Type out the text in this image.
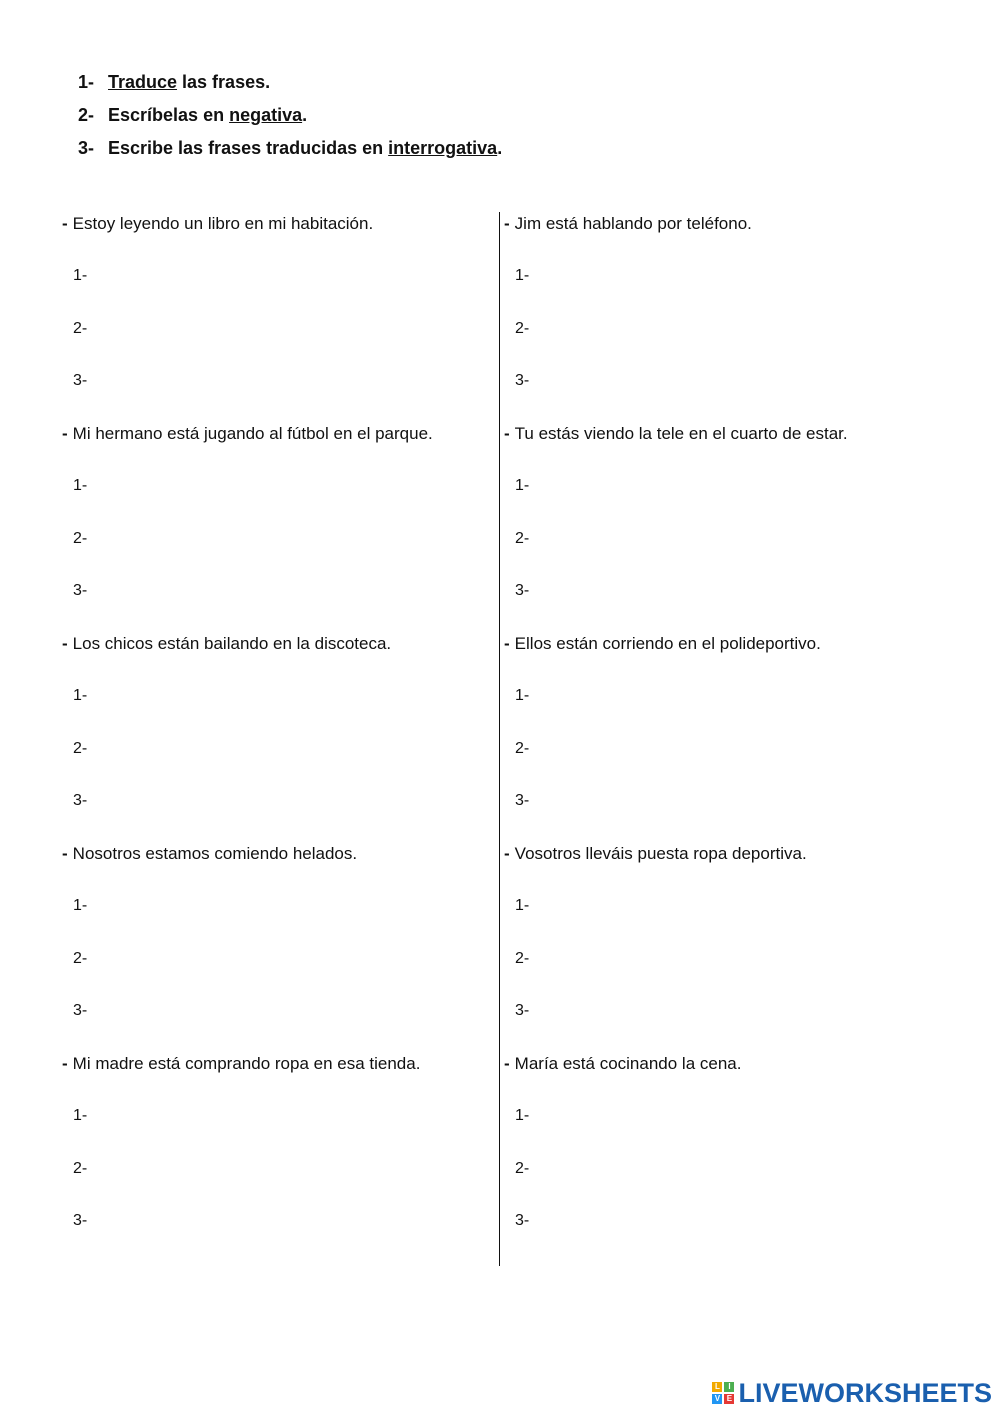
1- Traduce las frases.
2- Escríbelas en negativa.
3- Escribe las frases traducidas en interrogativa.
- Estoy leyendo un libro en mi habitación.
1-
2-
3-
- Mi hermano está jugando al fútbol en el parque.
1-
2-
3-
- Los chicos están bailando en la discoteca.
1-
2-
3-
- Nosotros estamos comiendo helados.
1-
2-
3-
- Mi madre está comprando ropa en esa tienda.
1-
2-
3-
- Jim está hablando por teléfono.
1-
2-
3-
- Tu estás viendo la tele en el cuarto de estar.
1-
2-
3-
- Ellos están corriendo en el polideportivo.
1-
2-
3-
- Vosotros lleváis puesta ropa deportiva.
1-
2-
3-
- María está cocinando la cena.
1-
2-
3-
L	I
V E LIVEWORKSHEETS
